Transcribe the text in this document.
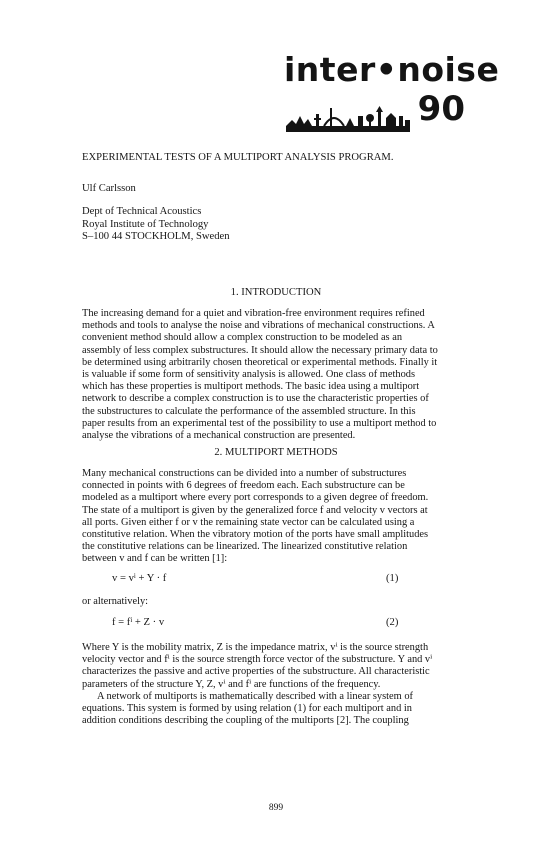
inter•noise
90
EXPERIMENTAL TESTS OF A MULTIPORT ANALYSIS PROGRAM.
Ulf Carlsson
Dept of Technical Acoustics
Royal Institute of Technology
S–100 44 STOCKHOLM, Sweden
1. INTRODUCTION
The increasing demand for a quiet and vibration-free environment requires refined
methods and tools to analyse the noise and vibrations of mechanical constructions. A
convenient method should allow a complex construction to be modeled as an
assembly of less complex substructures. It should allow the necessary primary data to
be determined using arbitrarily chosen theoretical or experimental methods. Finally it
is valuable if some form of sensitivity analysis is allowed. One class of methods
which has these properties is multiport methods. The basic idea using a multiport
network to describe a complex construction is to use the characteristic properties of
the substructures to calculate the performance of the assembled structure. In this
paper results from an experimental test of the possibility to use a multiport method to
analyse the vibrations of a mechanical construction are presented.
2. MULTIPORT METHODS
Many mechanical constructions can be divided into a number of substructures
connected in points with 6 degrees of freedom each. Each substructure can be
modeled as a multiport where every port corresponds to a given degree of freedom.
The state of a multiport is given by the generalized force f and velocity v vectors at
all ports. Given either f or v the remaining state vector can be calculated using a
constitutive relation. When the vibratory motion of the ports have small amplitudes
the constitutive relations can be linearized. The linearized constitutive relation
between v and f can be written [1]:
$v = v^i + Y \cdot f$	(1)
or alternatively:
$f = f^i + Z \cdot v$	(2)
Where Y is the mobility matrix, Z is the impedance matrix, vⁱ is the source strength
velocity vector and fⁱ is the source strength force vector of the substructure. Y and vⁱ
characterizes the passive and active properties of the substructure. All characteristic
parameters of the structure Y, Z, vⁱ and fⁱ are functions of the frequency.
A network of multiports is mathematically described with a linear system of
equations. This system is formed by using relation (1) for each multiport and in
addition conditions describing the coupling of the multiports [2]. The coupling
899
